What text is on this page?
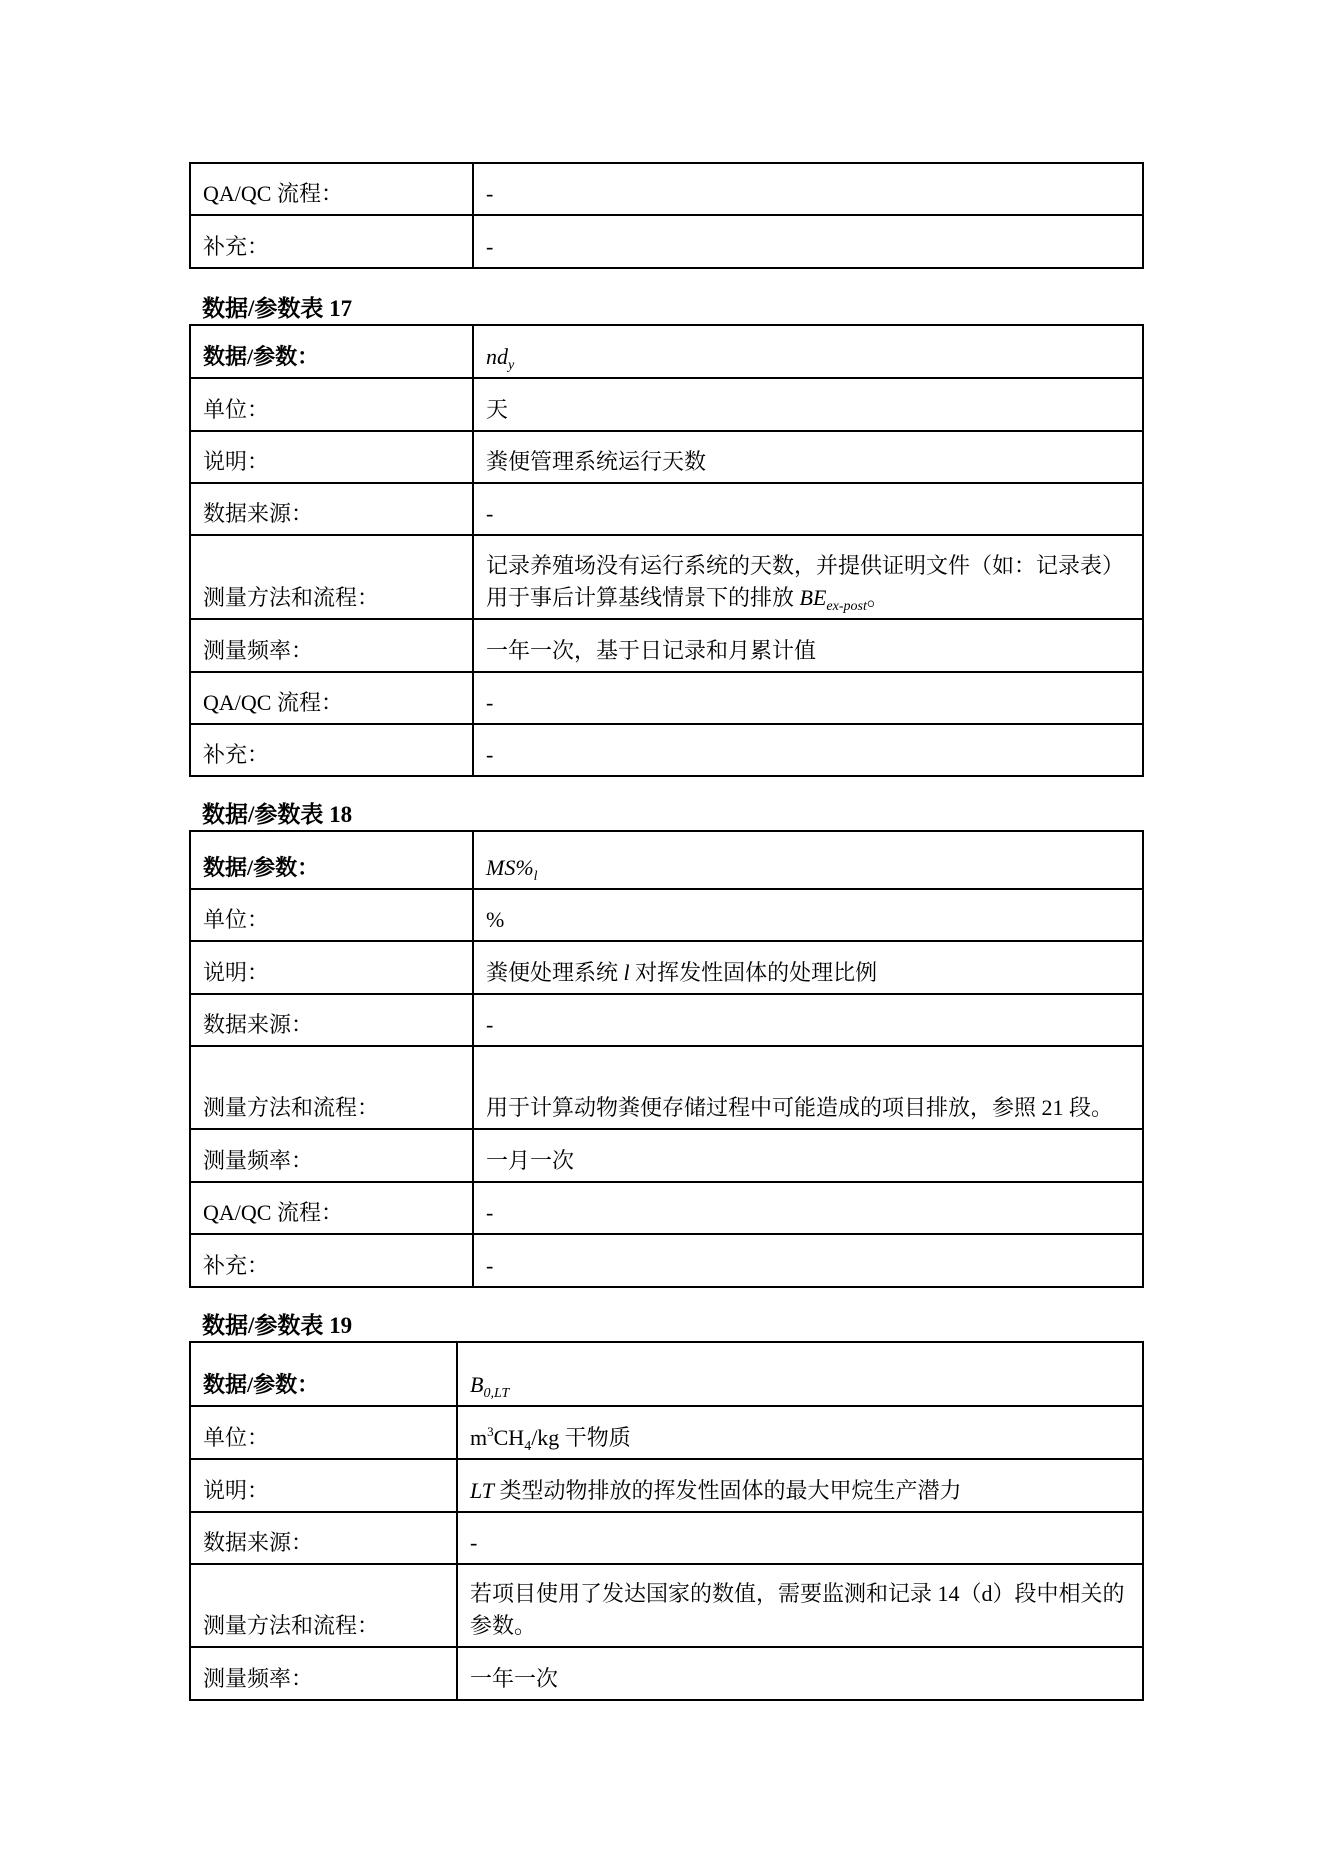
QA/QC 流程：	-
补充：	-
数据/参数表 17
数据/参数：	$nd_y$
单位：	天
说明：	粪便管理系统运行天数
数据来源：	-
测量方法和流程：	记录养殖场没有运行系统的天数，并提供证明文件（如：记录表）用于事后计算基线情景下的排放 $BE_{ex-post}$。
测量频率：	一年一次，基于日记录和月累计值
QA/QC 流程：	-
补充：	-
数据/参数表 18
数据/参数：	$MS\%_l$
单位：	%
说明：	粪便处理系统 l 对挥发性固体的处理比例
数据来源：	-
测量方法和流程：	用于计算动物粪便存储过程中可能造成的项目排放，参照 21 段。
测量频率：	一月一次
QA/QC 流程：	-
补充：	-
数据/参数表 19
数据/参数：	$B_{0,LT}$
单位：	$m^3CH_4/kg$ 干物质
说明：	LT 类型动物排放的挥发性固体的最大甲烷生产潜力
数据来源：	-
测量方法和流程：	若项目使用了发达国家的数值，需要监测和记录 14（d）段中相关的参数。
测量频率：	一年一次
